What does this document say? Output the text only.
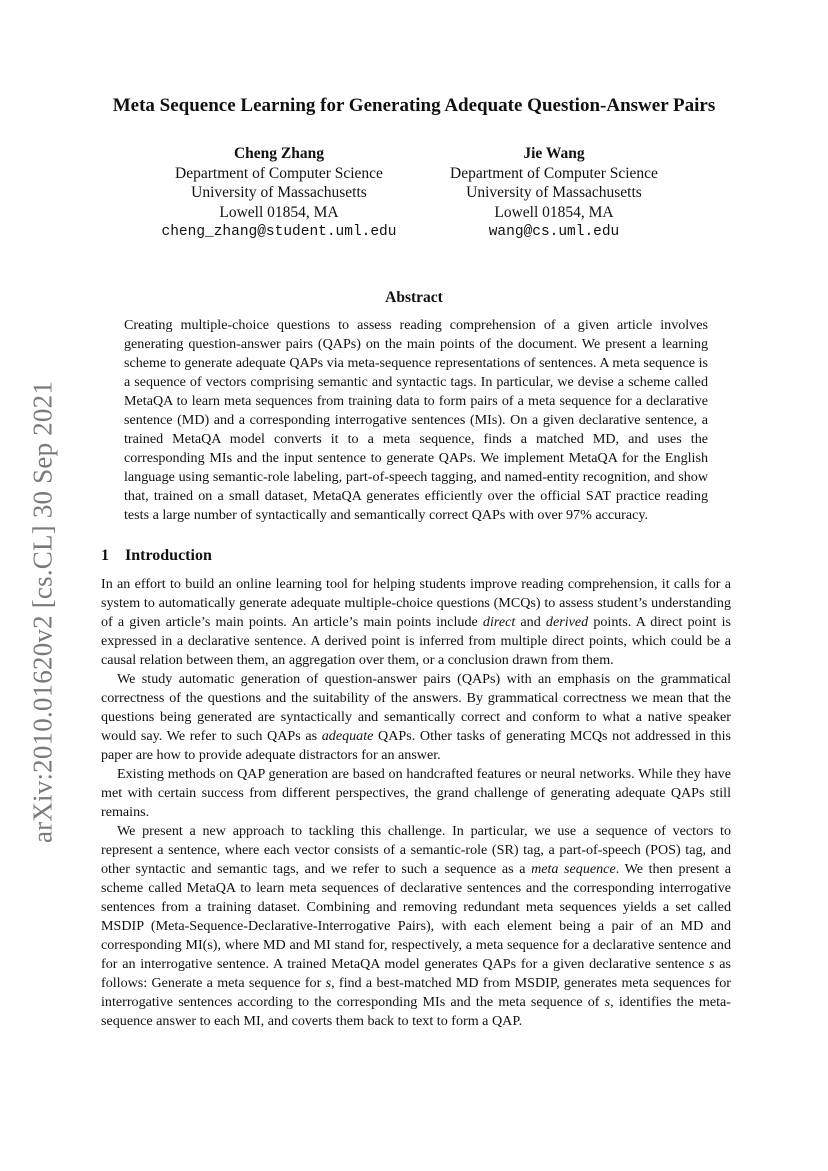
arXiv:2010.01620v2 [cs.CL] 30 Sep 2021
Meta Sequence Learning for Generating Adequate Question-Answer Pairs
Cheng Zhang
Department of Computer Science
University of Massachusetts
Lowell 01854, MA
cheng_zhang@student.uml.edu
Jie Wang
Department of Computer Science
University of Massachusetts
Lowell 01854, MA
wang@cs.uml.edu
Abstract

Creating multiple-choice questions to assess reading comprehension of a given article involves generating question-answer pairs (QAPs) on the main points of the document. We present a learning scheme to generate adequate QAPs via meta-sequence representations of sentences. A meta sequence is a sequence of vectors comprising semantic and syntactic tags. In particular, we devise a scheme called MetaQA to learn meta sequences from training data to form pairs of a meta sequence for a declarative sentence (MD) and a corresponding interrogative sentences (MIs). On a given declarative sentence, a trained MetaQA model converts it to a meta sequence, finds a matched MD, and uses the corresponding MIs and the input sentence to generate QAPs. We implement MetaQA for the English language using semantic-role labeling, part-of-speech tagging, and named-entity recognition, and show that, trained on a small dataset, MetaQA generates efficiently over the official SAT practice reading tests a large number of syntactically and semantically correct QAPs with over 97% accuracy.

1 Introduction

In an effort to build an online learning tool for helping students improve reading comprehension, it calls for a system to automatically generate adequate multiple-choice questions (MCQs) to assess student’s understanding of a given article’s main points. An article’s main points include direct and derived points. A direct point is expressed in a declarative sentence. A derived point is inferred from multiple direct points, which could be a causal relation between them, an aggregation over them, or a conclusion drawn from them.

We study automatic generation of question-answer pairs (QAPs) with an emphasis on the grammatical correctness of the questions and the suitability of the answers. By grammatical correctness we mean that the questions being generated are syntactically and semantically correct and conform to what a native speaker would say. We refer to such QAPs as adequate QAPs. Other tasks of generating MCQs not addressed in this paper are how to provide adequate distractors for an answer.

Existing methods on QAP generation are based on handcrafted features or neural networks. While they have met with certain success from different perspectives, the grand challenge of generating adequate QAPs still remains.

We present a new approach to tackling this challenge. In particular, we use a sequence of vectors to represent a sentence, where each vector consists of a semantic-role (SR) tag, a part-of-speech (POS) tag, and other syntactic and semantic tags, and we refer to such a sequence as a meta sequence. We then present a scheme called MetaQA to learn meta sequences of declarative sentences and the corresponding interrogative sentences from a training dataset. Combining and removing redundant meta sequences yields a set called MSDIP (Meta-Sequence-Declarative-Interrogative Pairs), with each element being a pair of an MD and corresponding MI(s), where MD and MI stand for, respectively, a meta sequence for a declarative sentence and for an interrogative sentence. A trained MetaQA model generates QAPs for a given declarative sentence s as follows: Generate a meta sequence for s, find a best-matched MD from MSDIP, generates meta sequences for interrogative sentences according to the corresponding MIs and the meta sequence of s, identifies the meta-sequence answer to each MI, and coverts them back to text to form a QAP.
